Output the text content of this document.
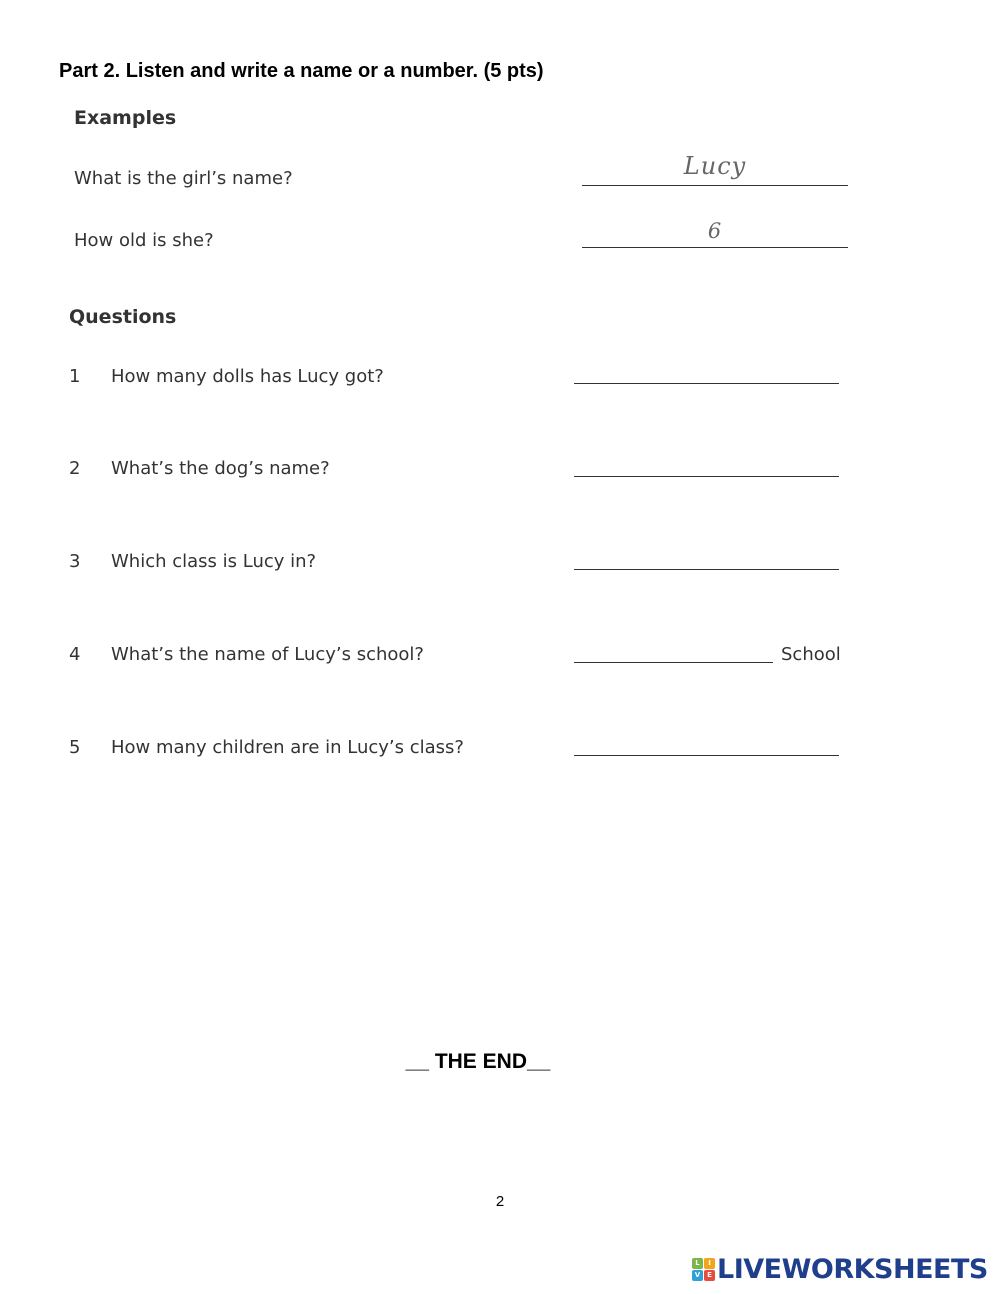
Part 2. Listen and write a name or a number. (5 pts)
Examples
What is the girl’s name?	Lucy
How old is she?	6
Questions
1 How many dolls has Lucy got?
2 What’s the dog’s name?
3 Which class is Lucy in?
4 What’s the name of Lucy’s school?	School
5 How many children are in Lucy’s class?
__ THE END__
2
L	I
V E LIVEWORKSHEETS
